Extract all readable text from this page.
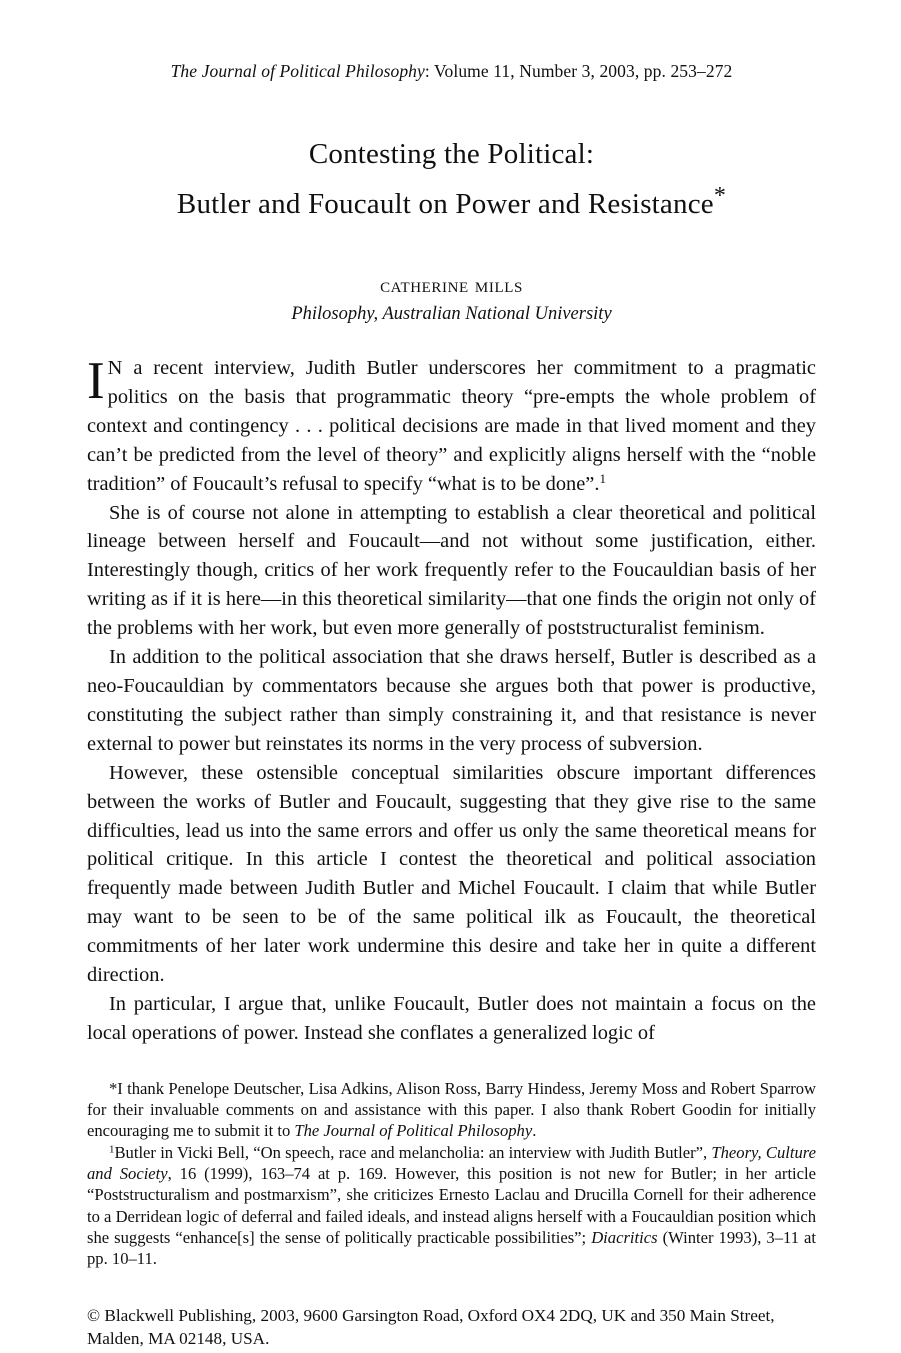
The Journal of Political Philosophy: Volume 11, Number 3, 2003, pp. 253–272
Contesting the Political:
Butler and Foucault on Power and Resistance*
catherine mills
Philosophy, Australian National University

I N a recent interview, Judith Butler underscores her commitment to a pragmatic politics on the basis that programmatic theory “pre-empts the whole problem of context and contingency . . . political decisions are made in that lived moment and they can’t be predicted from the level of theory” and explicitly aligns herself with the “noble tradition” of Foucault’s refusal to specify “what is to be done”.$^1$

She is of course not alone in attempting to establish a clear theoretical and political lineage between herself and Foucault—and not without some justification, either. Interestingly though, critics of her work frequently refer to the Foucauldian basis of her writing as if it is here—in this theoretical similarity—that one finds the origin not only of the problems with her work, but even more generally of poststructuralist feminism.

In addition to the political association that she draws herself, Butler is described as a neo-Foucauldian by commentators because she argues both that power is productive, constituting the subject rather than simply constraining it, and that resistance is never external to power but reinstates its norms in the very process of subversion.

However, these ostensible conceptual similarities obscure important differences between the works of Butler and Foucault, suggesting that they give rise to the same difficulties, lead us into the same errors and offer us only the same theoretical means for political critique. In this article I contest the theoretical and political association frequently made between Judith Butler and Michel Foucault. I claim that while Butler may want to be seen to be of the same political ilk as Foucault, the theoretical commitments of her later work undermine this desire and take her in quite a different direction.

In particular, I argue that, unlike Foucault, Butler does not maintain a focus on the local operations of power. Instead she conflates a generalized logic of

*I thank Penelope Deutscher, Lisa Adkins, Alison Ross, Barry Hindess, Jeremy Moss and Robert Sparrow for their invaluable comments on and assistance with this paper. I also thank Robert Goodin for initially encouraging me to submit it to The Journal of Political Philosophy.

$^1$Butler in Vicki Bell, “On speech, race and melancholia: an interview with Judith Butler”, Theory, Culture and Society, 16 (1999), 163–74 at p. 169. However, this position is not new for Butler; in her article “Poststructuralism and postmarxism”, she criticizes Ernesto Laclau and Drucilla Cornell for their adherence to a Derridean logic of deferral and failed ideals, and instead aligns herself with a Foucauldian position which she suggests “enhance[s] the sense of politically practicable possibilities”; Diacritics (Winter 1993), 3–11 at pp. 10–11.

© Blackwell Publishing, 2003, 9600 Garsington Road, Oxford OX4 2DQ, UK and 350 Main Street, Malden, MA 02148, USA.
